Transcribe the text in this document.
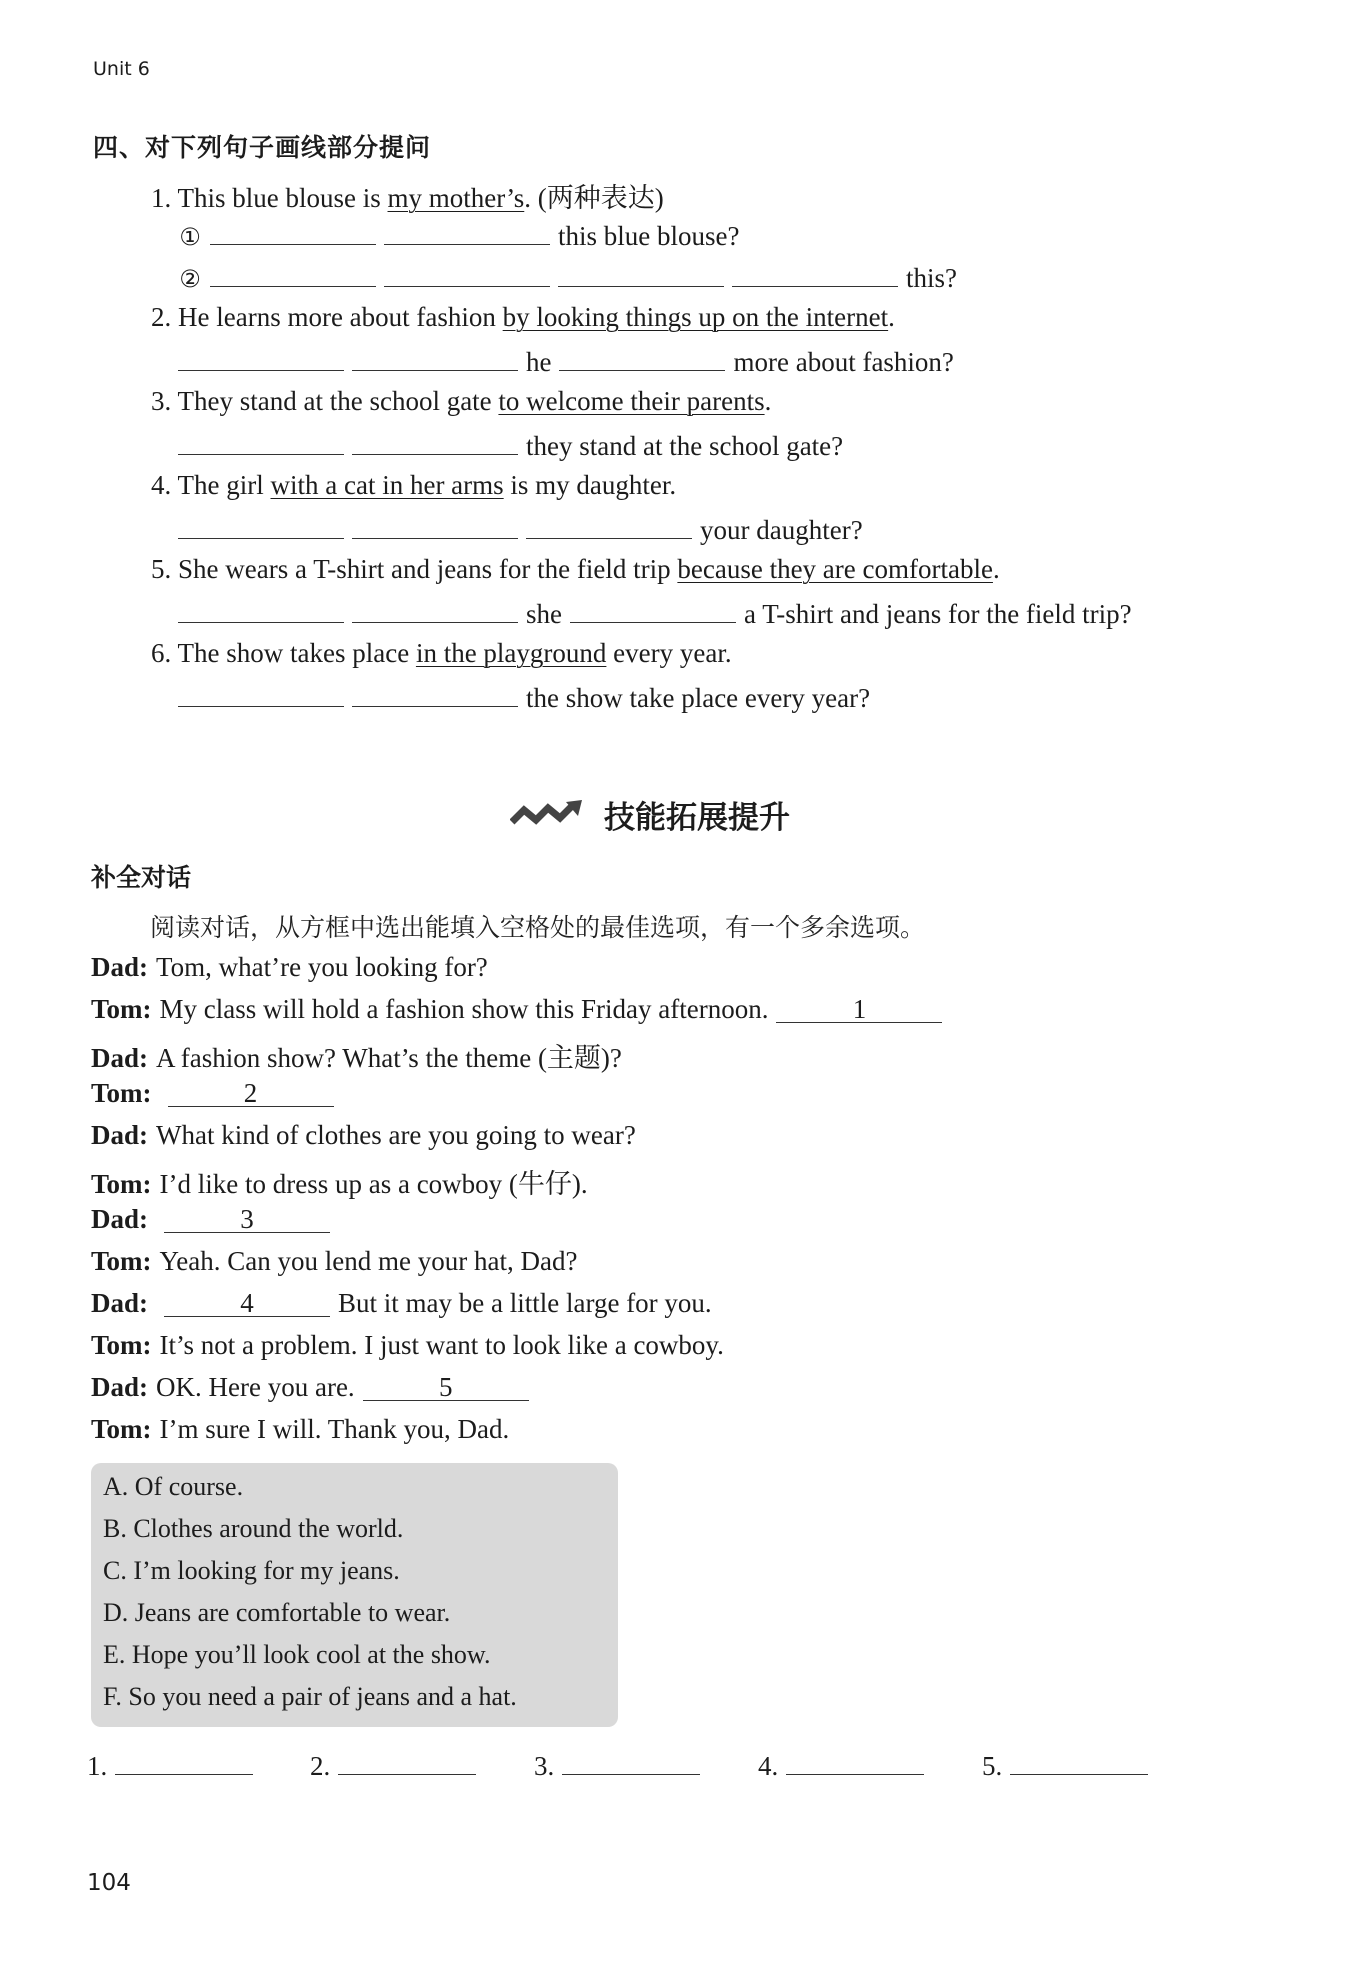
Unit 6
四、对下列句子画线部分提问
1. This blue blouse is my mother’s. (两种表达)
①	this blue blouse?
②	this?
2. He learns more about fashion by looking things up on the internet.
he	more about fashion?
3. They stand at the school gate to welcome their parents.
they stand at the school gate?
4. The girl with a cat in her arms is my daughter.
your daughter?
5. She wears a T-shirt and jeans for the field trip because they are comfortable.
she	a T-shirt and jeans for the field trip?
6. The show takes place in the playground every year.
the show take place every year?
技能拓展提升
补全对话
阅读对话，从方框中选出能填入空格处的最佳选项，有一个多余选项。
Dad: Tom, what’re you looking for?
Tom: My class will hold a fashion show this Friday afternoon.	1
Dad: A fashion show? What’s the theme (主题)?
Tom:	2
Dad: What kind of clothes are you going to wear?
Tom: I’d like to dress up as a cowboy (牛仔).
Dad:	3
Tom: Yeah. Can you lend me your hat, Dad?
Dad:	4	But it may be a little large for you.
Tom: It’s not a problem. I just want to look like a cowboy.
Dad: OK. Here you are.	5
Tom: I’m sure I will. Thank you, Dad.
A. Of course.
B. Clothes around the world.
C. I’m looking for my jeans.
D. Jeans are comfortable to wear.
E. Hope you’ll look cool at the show.
F. So you need a pair of jeans and a hat.
1.	2.	3.	4.	5.
104
